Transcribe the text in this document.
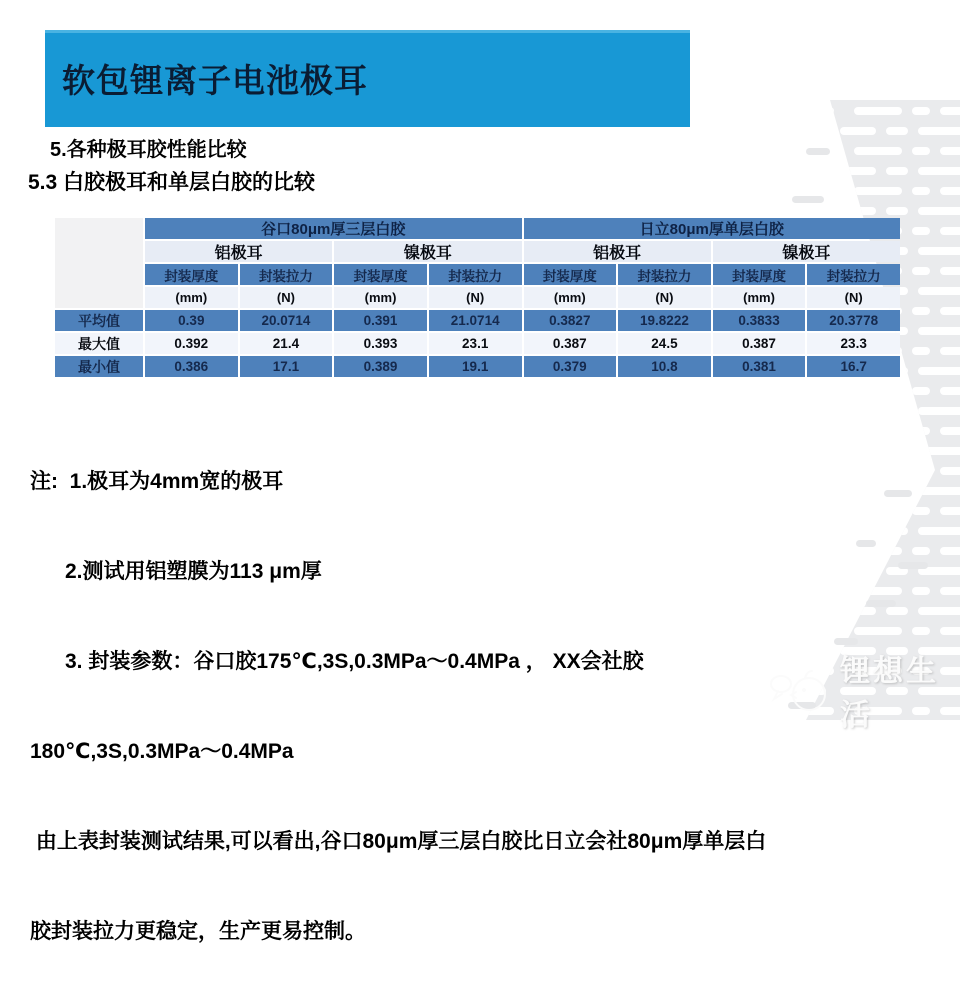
软包锂离子电池极耳
5.各种极耳胶性能比较
5.3 白胶极耳和单层白胶的比较
谷口80μm厚三层白胶	日立80μm厚单层白胶
铝极耳	镍极耳	铝极耳	镍极耳
封装厚度	封装拉力	封装厚度	封装拉力	封装厚度	封装拉力	封装厚度	封装拉力
(mm)	(N)	(mm)	(N)	(mm)	(N)	(mm)	(N)
平均值	0.39	20.0714	0.391	21.0714	0.3827	19.8222	0.3833	20.3778
最大值	0.392	21.4	0.393	23.1	0.387	24.5	0.387	23.3
最小值	0.386	17.1	0.389	19.1	0.379	10.8	0.381	16.7

注:  1.极耳为4mm宽的极耳

2.测试用铝塑膜为113 μm厚

3. 封装参数：谷口胶175℃,3S,0.3MPa～0.4MPa ， XX会社胶

180℃,3S,0.3MPa～0.4MPa

由上表封装测试结果,可以看出,谷口80μm厚三层白胶比日立会社80μm厚单层白

胶封装拉力更稳定，生产更易控制。

锂想生活
